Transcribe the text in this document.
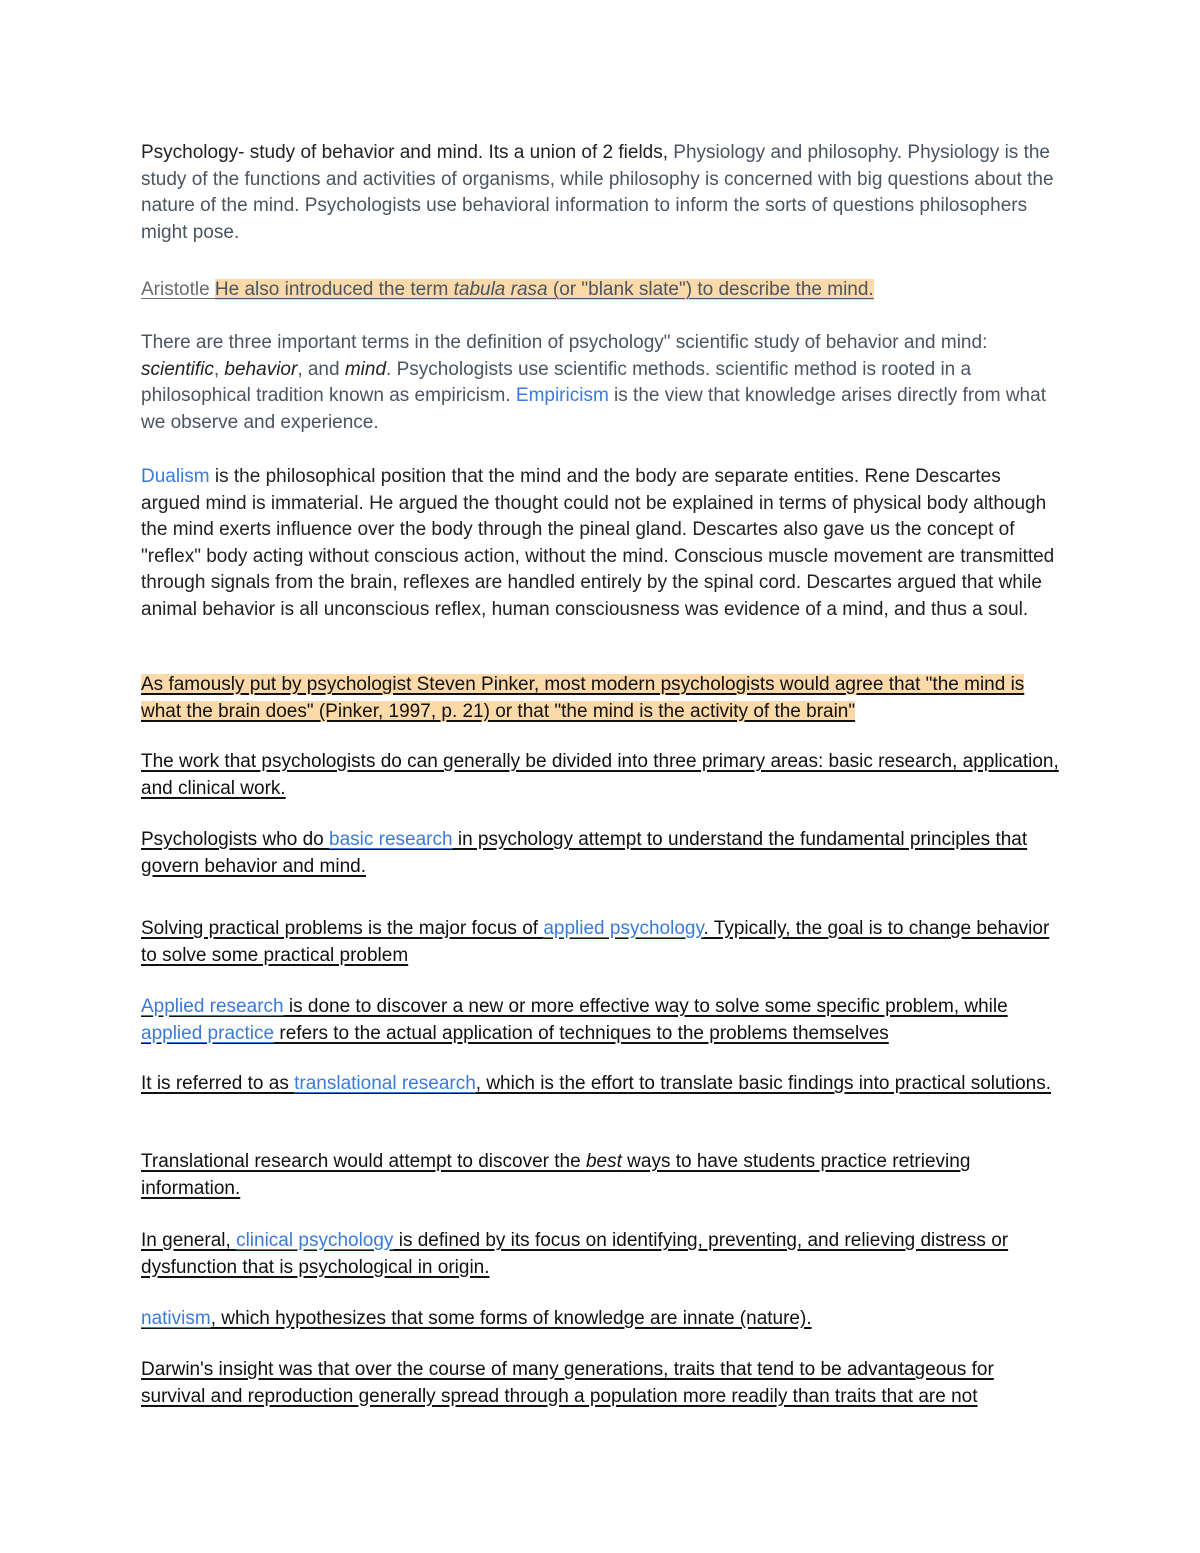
Psychology- study of behavior and mind. Its a union of 2 fields, Physiology and philosophy. Physiology is the study of the functions and activities of organisms, while philosophy is concerned with big questions about the nature of the mind. Psychologists use behavioral information to inform the sorts of questions philosophers might pose.

Aristotle He also introduced the term tabula rasa (or "blank slate") to describe the mind.

There are three important terms in the definition of psychology" scientific study of behavior and mind: scientific, behavior, and mind. Psychologists use scientific methods. scientific method is rooted in a philosophical tradition known as empiricism. Empiricism is the view that knowledge arises directly from what we observe and experience.

Dualism is the philosophical position that the mind and the body are separate entities. Rene Descartes argued mind is immaterial. He argued the thought could not be explained in terms of physical body although the mind exerts influence over the body through the pineal gland. Descartes also gave us the concept of "reflex" body acting without conscious action, without the mind. Conscious muscle movement are transmitted through signals from the brain, reflexes are handled entirely by the spinal cord. Descartes argued that while animal behavior is all unconscious reflex, human consciousness was evidence of a mind, and thus a soul.

As famously put by psychologist Steven Pinker, most modern psychologists would agree that "the mind is what the brain does" (Pinker, 1997, p. 21) or that "the mind is the activity of the brain"

The work that psychologists do can generally be divided into three primary areas: basic research, application, and clinical work.

Psychologists who do basic research in psychology attempt to understand the fundamental principles that govern behavior and mind.

Solving practical problems is the major focus of applied psychology. Typically, the goal is to change behavior to solve some practical problem

Applied research is done to discover a new or more effective way to solve some specific problem, while applied practice refers to the actual application of techniques to the problems themselves

It is referred to as translational research, which is the effort to translate basic findings into practical solutions.

Translational research would attempt to discover the best ways to have students practice retrieving information.

In general, clinical psychology is defined by its focus on identifying, preventing, and relieving distress or dysfunction that is psychological in origin.

nativism, which hypothesizes that some forms of knowledge are innate (nature).

Darwin's insight was that over the course of many generations, traits that tend to be advantageous for survival and reproduction generally spread through a population more readily than traits that are not
